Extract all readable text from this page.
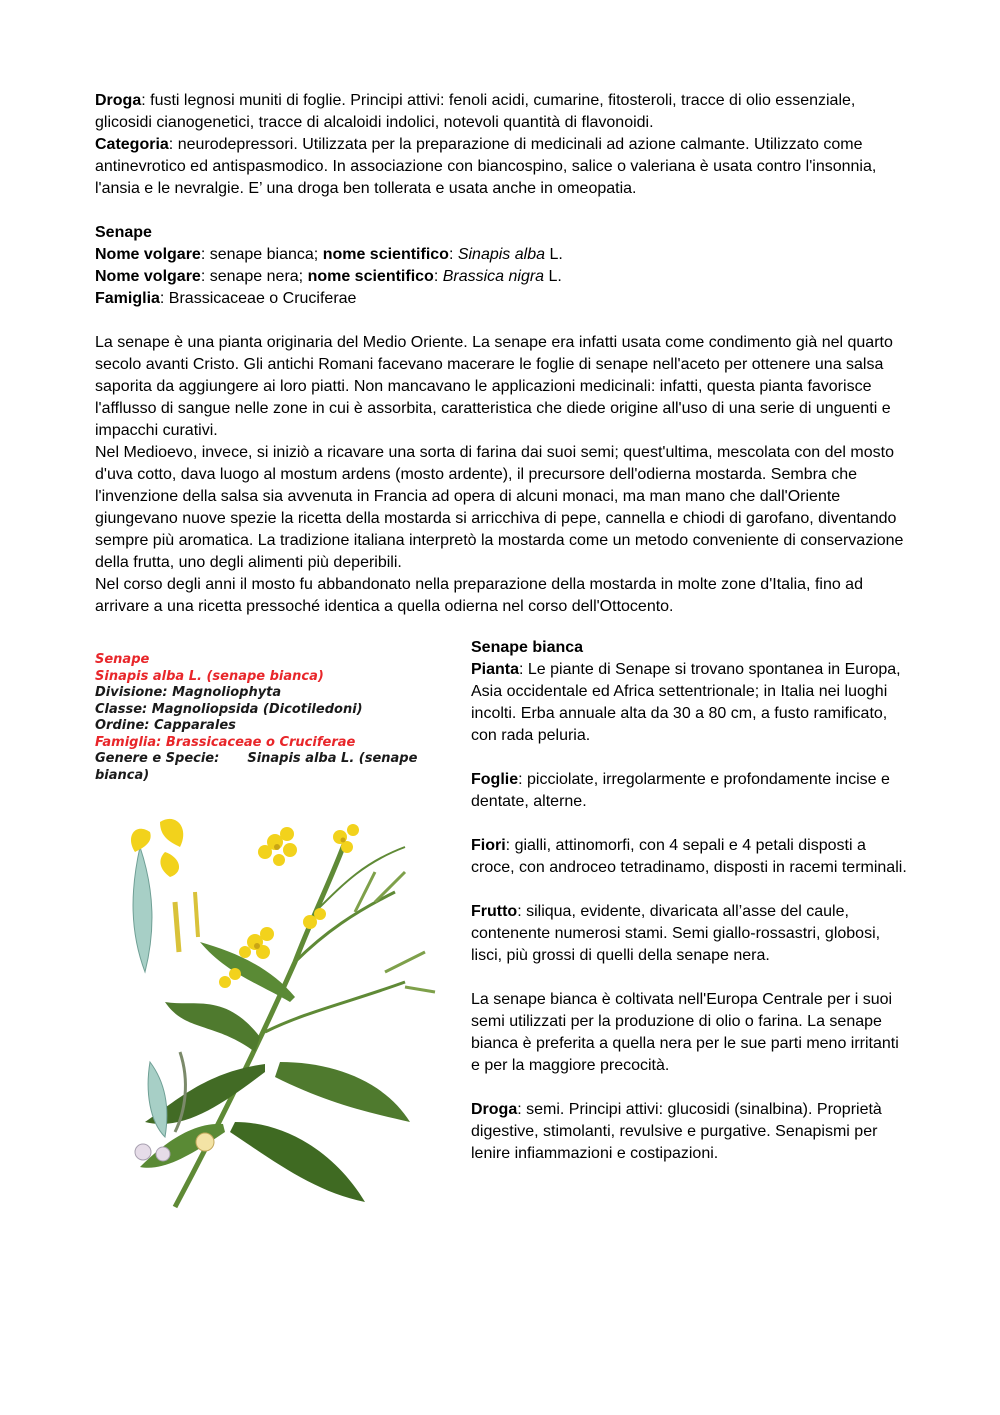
Droga: fusti legnosi muniti di foglie. Principi attivi: fenoli acidi, cumarine, fitosteroli, tracce di olio essenziale, glicosidi cianogenetici, tracce di alcaloidi indolici, notevoli quantità di flavonoidi.

Categoria: neurodepressori. Utilizzata per la preparazione di medicinali ad azione calmante. Utilizzato come antinevrotico ed antispasmodico. In associazione con biancospino, salice o valeriana è usata contro l'insonnia, l'ansia e le nevralgie. E’ una droga ben tollerata e usata anche in omeopatia.

Senape

Nome volgare: senape bianca; nome scientifico: Sinapis alba L.

Nome volgare: senape nera; nome scientifico: Brassica nigra L.

Famiglia: Brassicaceae o Cruciferae

La senape è una pianta originaria del Medio Oriente. La senape era infatti usata come condimento già nel quarto secolo avanti Cristo. Gli antichi Romani facevano macerare le foglie di senape nell'aceto per ottenere una salsa saporita da aggiungere ai loro piatti. Non mancavano le applicazioni medicinali: infatti, questa pianta favorisce l'afflusso di sangue nelle zone in cui è assorbita, caratteristica che diede origine all'uso di una serie di unguenti e impacchi curativi.

Nel Medioevo, invece, si iniziò a ricavare una sorta di farina dai suoi semi; quest'ultima, mescolata con del mosto d'uva cotto, dava luogo al mostum ardens (mosto ardente), il precursore dell'odierna mostarda. Sembra che l'invenzione della salsa sia avvenuta in Francia ad opera di alcuni monaci, ma man mano che dall'Oriente giungevano nuove spezie la ricetta della mostarda si arricchiva di pepe, cannella e chiodi di garofano, diventando sempre più aromatica. La tradizione italiana interpretò la mostarda come un metodo conveniente di conservazione della frutta, uno degli alimenti più deperibili.

Nel corso degli anni il mosto fu abbandonato nella preparazione della mostarda in molte zone d'Italia, fino ad arrivare a una ricetta pressoché identica a quella odierna nel corso dell'Ottocento.

Senape
Sinapis alba L. (senape bianca)
Divisione: Magnoliophyta
Classe: Magnoliopsida (Dicotiledoni)
Ordine: Capparales
Famiglia: Brassicaceae o Cruciferae
Genere e Specie: Sinapis alba L. (senape bianca)

Senape bianca

Pianta: Le piante di Senape si trovano spontanea in Europa, Asia occidentale ed Africa settentrionale; in Italia nei luoghi incolti. Erba annuale alta da 30 a 80 cm, a fusto ramificato, con rada peluria.

Foglie: picciolate, irregolarmente e profondamente incise e dentate, alterne.

Fiori: gialli, attinomorfi, con 4 sepali e 4 petali disposti a croce, con androceo tetradinamo, disposti in racemi terminali.

Frutto: siliqua, evidente, divaricata all’asse del caule, contenente numerosi stami. Semi giallo-rossastri, globosi, lisci, più grossi di quelli della senape nera.

La senape bianca è coltivata nell'Europa Centrale per i suoi semi utilizzati per la produzione di olio o farina. La senape bianca è preferita a quella nera per le sue parti meno irritanti e per la maggiore precocità.

Droga: semi. Principi attivi: glucosidi (sinalbina). Proprietà digestive, stimolanti, revulsive e purgative. Senapismi per lenire infiammazioni e costipazioni.
